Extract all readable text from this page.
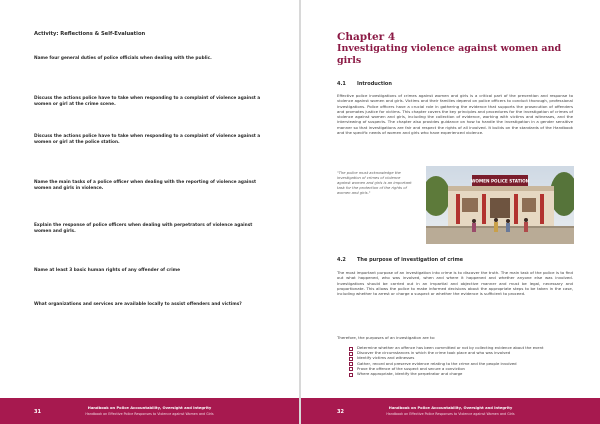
Activity: Reflections & Self-Evaluation
Name four general duties of police officials when dealing with the public.
Discuss the actions police have to take when responding to a complaint of violence against a women or girl at the crime scene.
Discuss the actions police have to take when responding to a complaint of violence against a women or girl at the police station.
Name the main tasks of a police officer when dealing with the reporting of violence against women and girls in violence.
Explain the response of police officers when dealing with perpetrators of violence against women and girls.
Name at least 3 basic human rights of any offender of crime
What organizations and services are available locally to assist offenders and victims?
Chapter 4
Investigating violence against women and girls
4.1 Introduction
Effective police investigations of crimes against women and girls is a critical part of the prevention and response to violence against women and girls. Victims and their families depend on police officers to conduct thorough, professional investigations. Police officers have a crucial role in gathering the evidence that supports the prosecution of offenders and promotes justice for victims. This chapter covers the key principles and procedures for the investigation of crimes of violence against women and girls, including the collection of evidence, working with victims and witnesses, and the interviewing of suspects. The chapter also provides guidance on how to handle the investigation in a gender sensitive manner so that investigations are fair and respect the rights of all involved. It builds on the standards of the Handbook and the specific needs of women and girls who have experienced violence.
"The police must acknowledge the investigation of crimes of violence against women and girls is an important task for the protection of the rights of women and girls."
WOMEN POLICE STATION
4.2 The purpose of investigation of crime
The most important purpose of an investigation into crime is to discover the truth. The main task of the police is to find out what happened, who was involved, when and where it happened and whether anyone else was involved. Investigations should be carried out in an impartial and objective manner and must be legal, necessary and proportionate. This allows the police to make informed decisions about the appropriate steps to be taken in the case, including whether to arrest or charge a suspect or whether the evidence is sufficient to proceed.
Therefore, the purposes of an investigation are to:
Determine whether an offence has been committed or not by collecting evidence about the event
Discover the circumstances in which the crime took place and who was involved
Identify victims and witnesses
Gather, record and preserve evidence relating to the crime and the people involved
Prove the offence of the suspect and secure a conviction
Where appropriate, identify the perpetrator and charge
31
Handbook on Police Accountability, Oversight and Integrity
Handbook on Effective Police Responses to Violence against Women and Girls	32
Handbook on Police Accountability, Oversight and Integrity
Handbook on Effective Police Responses to Violence against Women and Girls
